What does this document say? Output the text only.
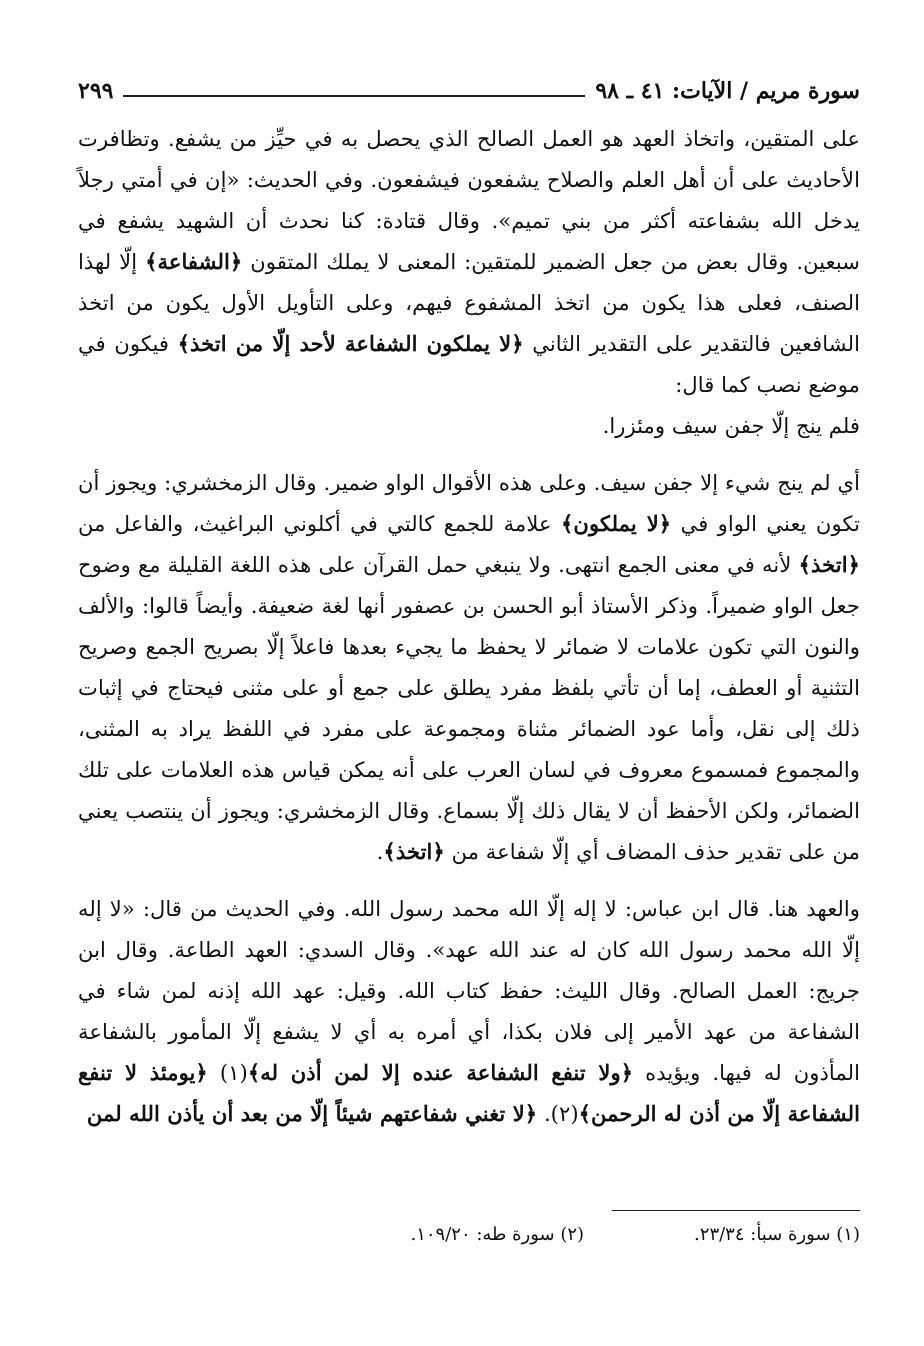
سورة مريم / الآيات: ٤١ ـ ٩٨
٢٩٩

على المتقين، واتخاذ العهد هو العمل الصالح الذي يحصل به في حيِّز من يشفع. وتظافرت الأحاديث على أن أهل العلم والصلاح يشفعون فيشفعون. وفي الحديث: «إن في أمتي رجلاً يدخل الله بشفاعته أكثر من بني تميم». وقال قتادة: كنا نحدث أن الشهيد يشفع في سبعين. وقال بعض من جعل الضمير للمتقين: المعنى لا يملك المتقون ﴿الشفاعة﴾ إلّا لهذا الصنف، فعلى هذا يكون من اتخذ المشفوع فيهم، وعلى التأويل الأول يكون من اتخذ الشافعين فالتقدير على التقدير الثاني ﴿لا يملكون الشفاعة لأحد إلّا من اتخذ﴾ فيكون في موضع نصب كما قال:

فلم ينج إلّا جفن سيف ومئزرا.

أي لم ينج شيء إلا جفن سيف. وعلى هذه الأقوال الواو ضمير. وقال الزمخشري: ويجوز أن تكون يعني الواو في ﴿لا يملكون﴾ علامة للجمع كالتي في أكلوني البراغيث، والفاعل من ﴿اتخذ﴾ لأنه في معنى الجمع انتهى. ولا ينبغي حمل القرآن على هذه اللغة القليلة مع وضوح جعل الواو ضميراً. وذكر الأستاذ أبو الحسن بن عصفور أنها لغة ضعيفة. وأيضاً قالوا: والألف والنون التي تكون علامات لا ضمائر لا يحفظ ما يجيء بعدها فاعلاً إلّا بصريح الجمع وصريح التثنية أو العطف، إما أن تأتي بلفظ مفرد يطلق على جمع أو على مثنى فيحتاج في إثبات ذلك إلى نقل، وأما عود الضمائر مثناة ومجموعة على مفرد في اللفظ يراد به المثنى، والمجموع فمسموع معروف في لسان العرب على أنه يمكن قياس هذه العلامات على تلك الضمائر، ولكن الأحفظ أن لا يقال ذلك إلّا بسماع. وقال الزمخشري: ويجوز أن ينتصب يعني من على تقدير حذف المضاف أي إلّا شفاعة من ﴿اتخذ﴾.

والعهد هنا. قال ابن عباس: لا إله إلّا الله محمد رسول الله. وفي الحديث من قال: «لا إله إلّا الله محمد رسول الله كان له عند الله عهد». وقال السدي: العهد الطاعة. وقال ابن جريج: العمل الصالح. وقال الليث: حفظ كتاب الله. وقيل: عهد الله إذنه لمن شاء في الشفاعة من عهد الأمير إلى فلان بكذا، أي أمره به أي لا يشفع إلّا المأمور بالشفاعة المأذون له فيها. ويؤيده ﴿ولا تنفع الشفاعة عنده إلا لمن أذن له﴾(١) ﴿يومئذ لا تنفع الشفاعة إلّا من أذن له الرحمن﴾(٢). ﴿لا تغني شفاعتهم شيئاً إلّا من بعد أن يأذن الله لمن

(١) سورة سبأ: ٢٣/٣٤.
(٢) سورة طه: ١٠٩/٢٠.
